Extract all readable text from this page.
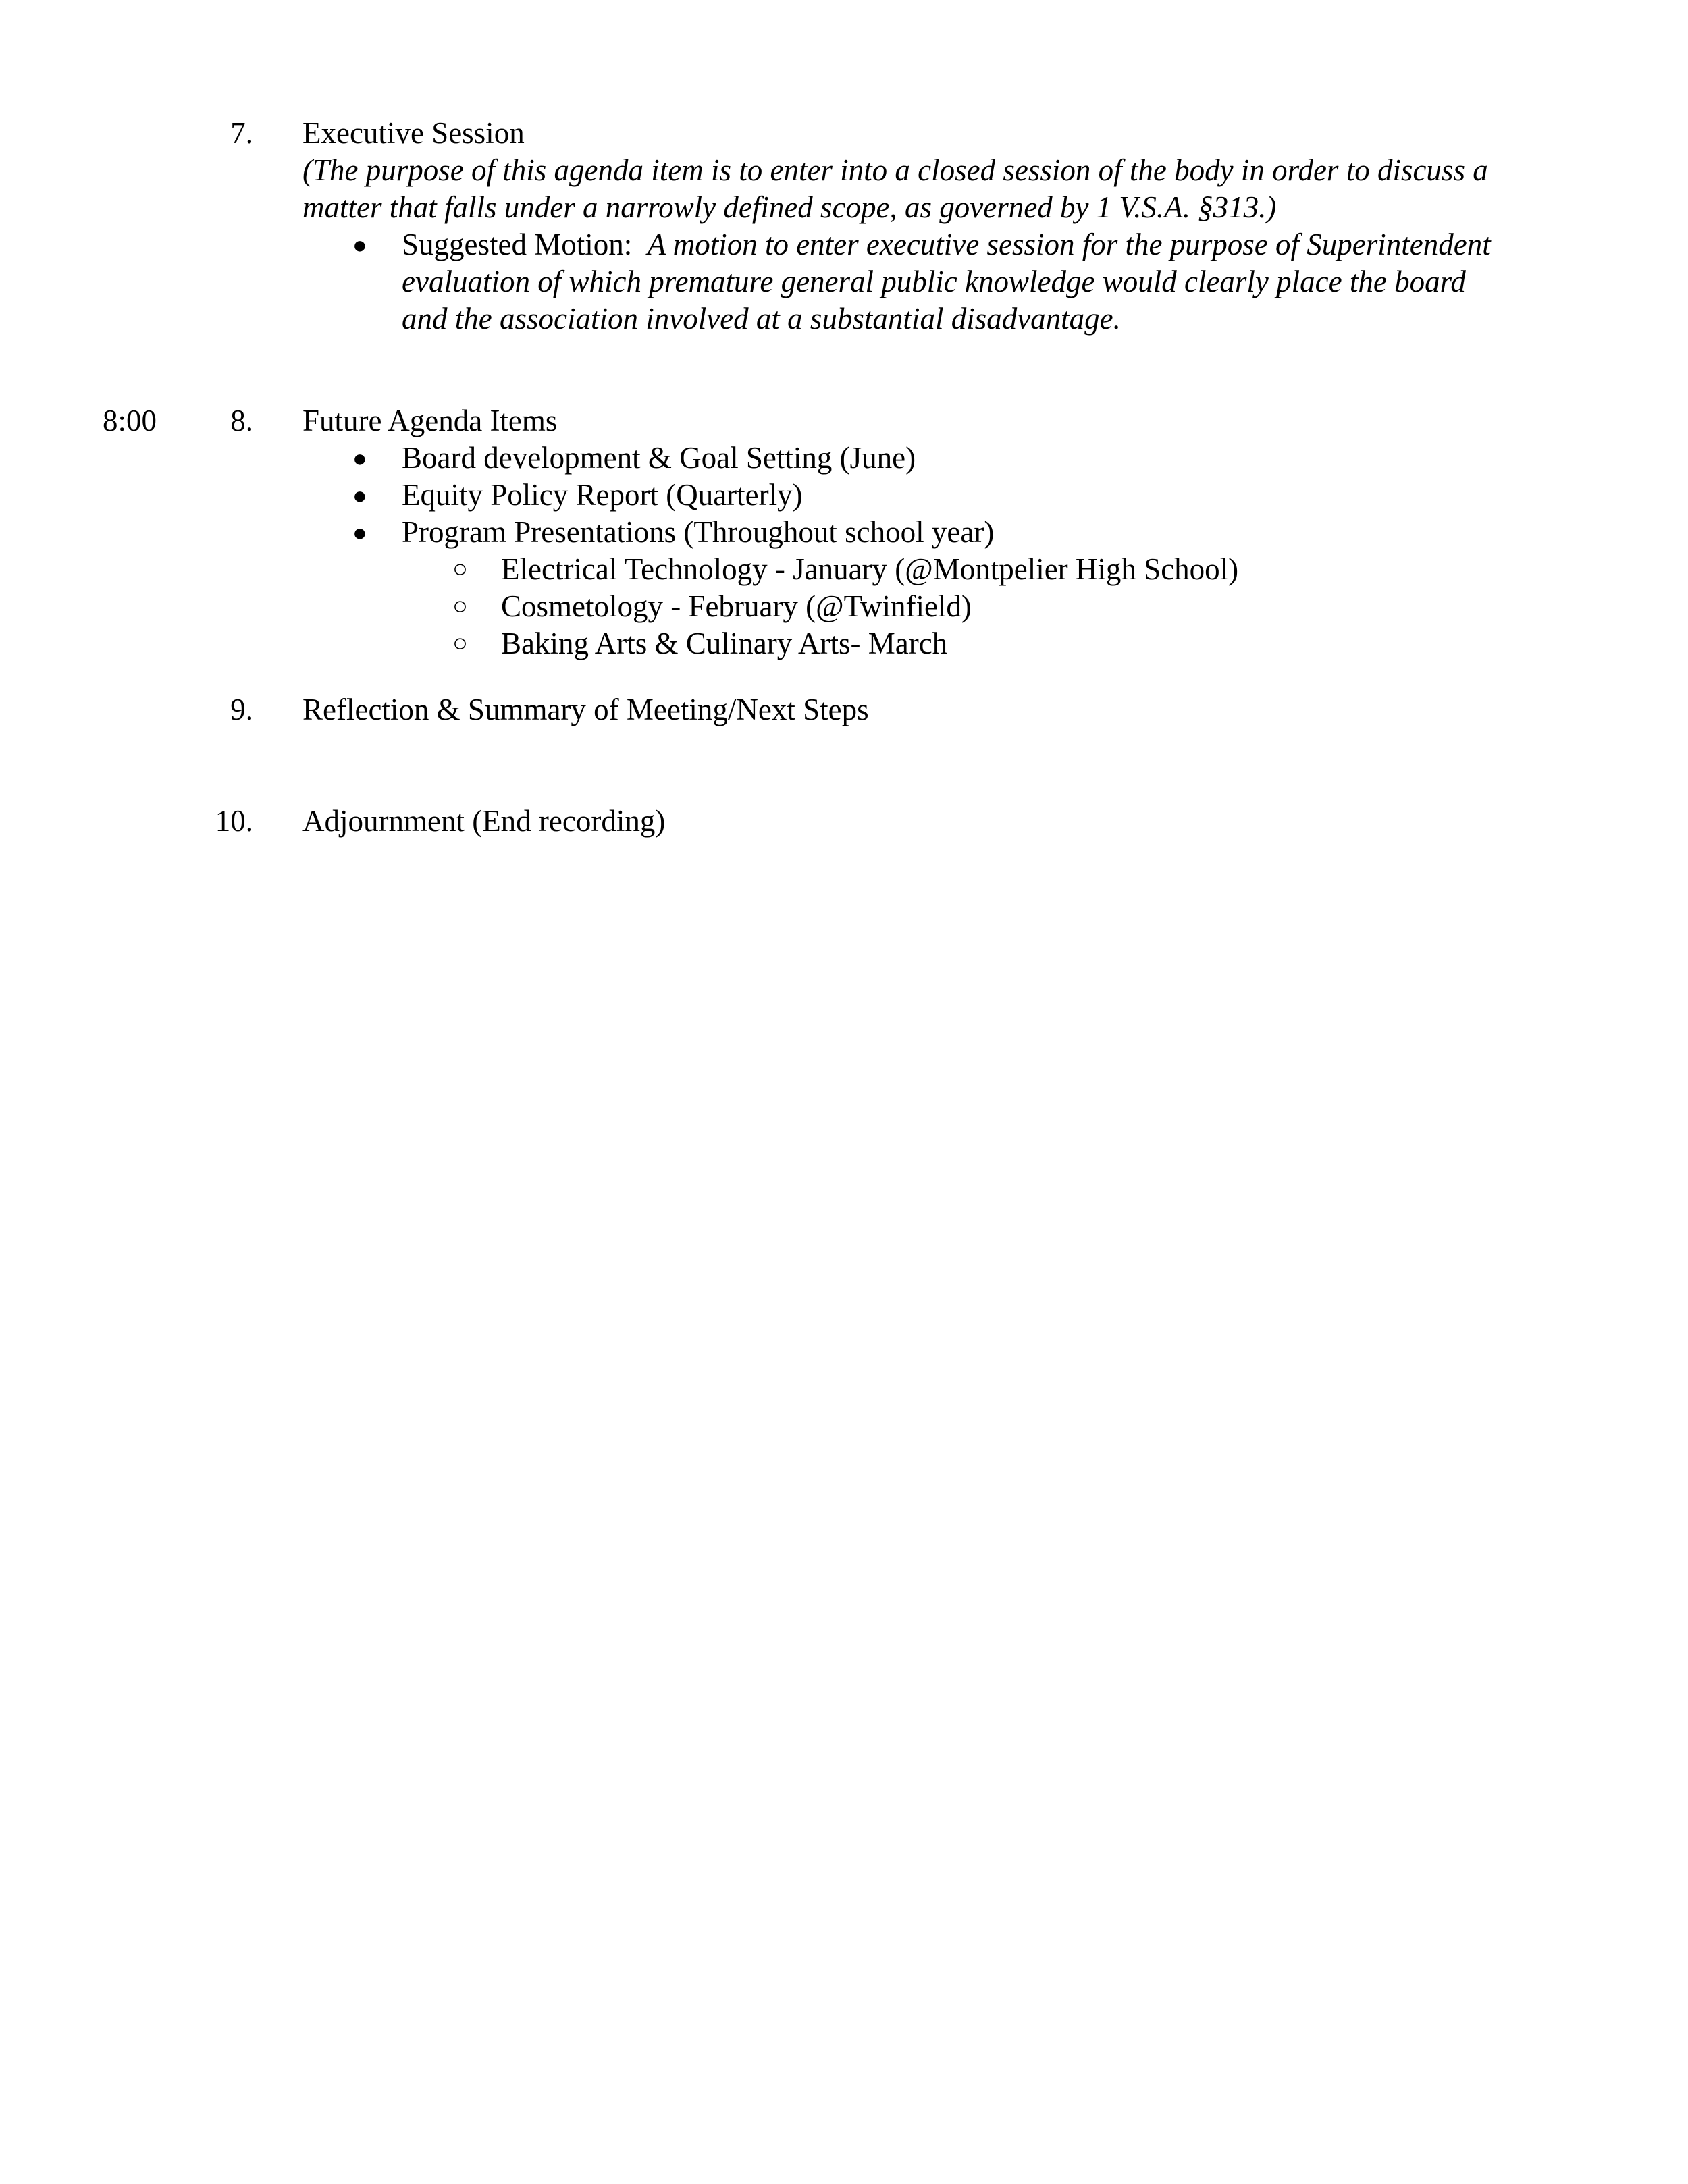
7. Executive Session
(The purpose of this agenda item is to enter into a closed session of the body in order to discuss a
matter that falls under a narrowly defined scope, as governed by 1 V.S.A. §313.)
● Suggested Motion: A motion to enter executive session for the purpose of Superintendent
evaluation of which premature general public knowledge would clearly place the board
and the association involved at a substantial disadvantage.
8:00	8. Future Agenda Items
● Board development & Goal Setting (June)
● Equity Policy Report (Quarterly)
● Program Presentations (Throughout school year)
○ Electrical Technology - January (@Montpelier High School)
○ Cosmetology - February (@Twinfield)
○ Baking Arts & Culinary Arts- March
9. Reflection & Summary of Meeting/Next Steps
10. Adjournment (End recording)
